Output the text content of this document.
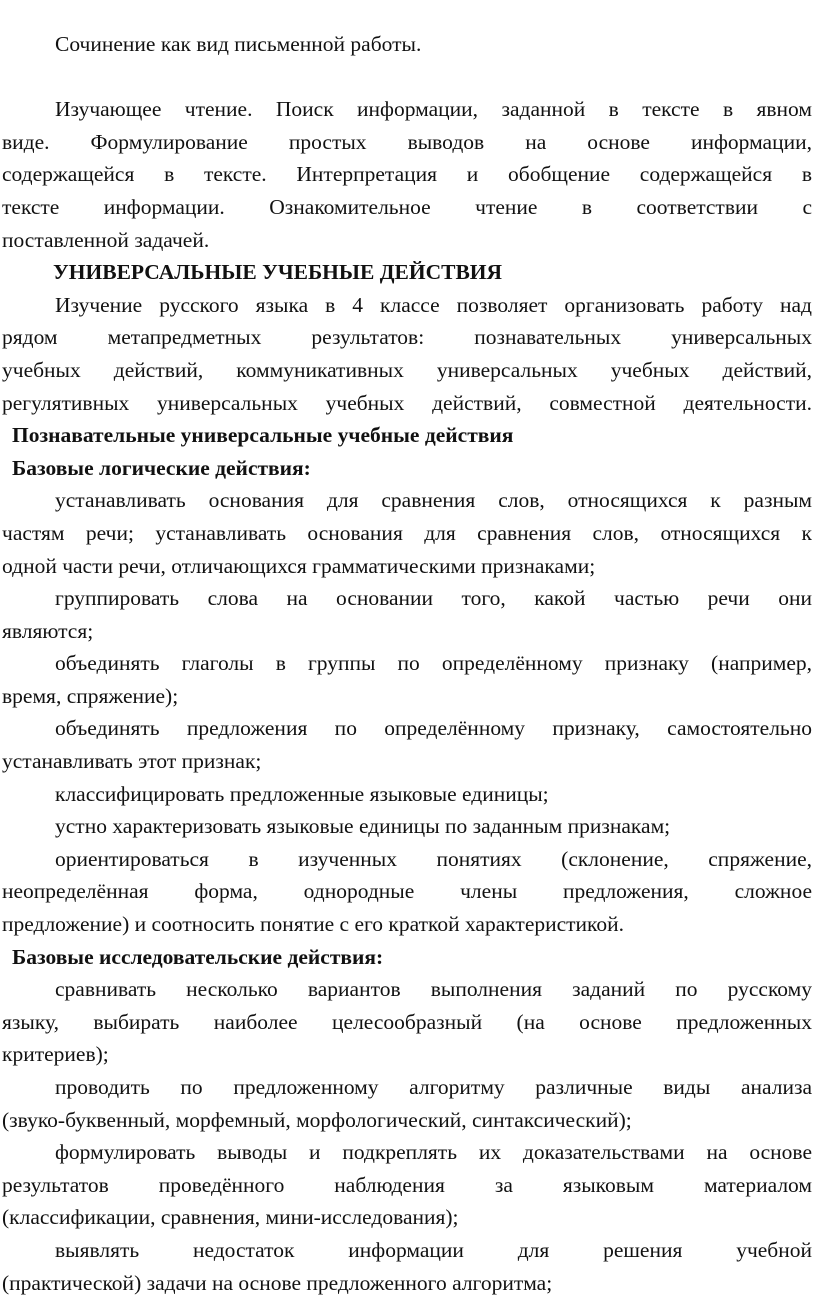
Сочинение как вид письменной работы.
Изучающее чтение. Поиск информации, заданной в тексте в явном
виде. Формулирование простых выводов на основе информации,
содержащейся в тексте. Интерпретация и обобщение содержащейся в
тексте информации. Ознакомительное чтение в соответствии с
поставленной задачей.
УНИВЕРСАЛЬНЫЕ УЧЕБНЫЕ ДЕЙСТВИЯ
Изучение русского языка в 4 классе позволяет организовать работу над
рядом метапредметных результатов: познавательных универсальных
учебных действий, коммуникативных универсальных учебных действий,
регулятивных универсальных учебных действий, совместной деятельности.
Познавательные универсальные учебные действия
Базовые логические действия:
устанавливать основания для сравнения слов, относящихся к разным
частям речи; устанавливать основания для сравнения слов, относящихся к
одной части речи, отличающихся грамматическими признаками;
группировать слова на основании того, какой частью речи они
являются;
объединять глаголы в группы по определённому признаку (например,
время, спряжение);
объединять предложения по определённому признаку, самостоятельно
устанавливать этот признак;
классифицировать предложенные языковые единицы;
устно характеризовать языковые единицы по заданным признакам;
ориентироваться в изученных понятиях (склонение, спряжение,
неопределённая форма, однородные члены предложения, сложное
предложение) и соотносить понятие с его краткой характеристикой.
Базовые исследовательские действия:
сравнивать несколько вариантов выполнения заданий по русскому
языку, выбирать наиболее целесообразный (на основе предложенных
критериев);
проводить по предложенному алгоритму различные виды анализа
(звуко-буквенный, морфемный, морфологический, синтаксический);
формулировать выводы и подкреплять их доказательствами на основе
результатов проведённого наблюдения за языковым материалом
(классификации, сравнения, мини-исследования);
выявлять недостаток информации для решения учебной
(практической) задачи на основе предложенного алгоритма;
